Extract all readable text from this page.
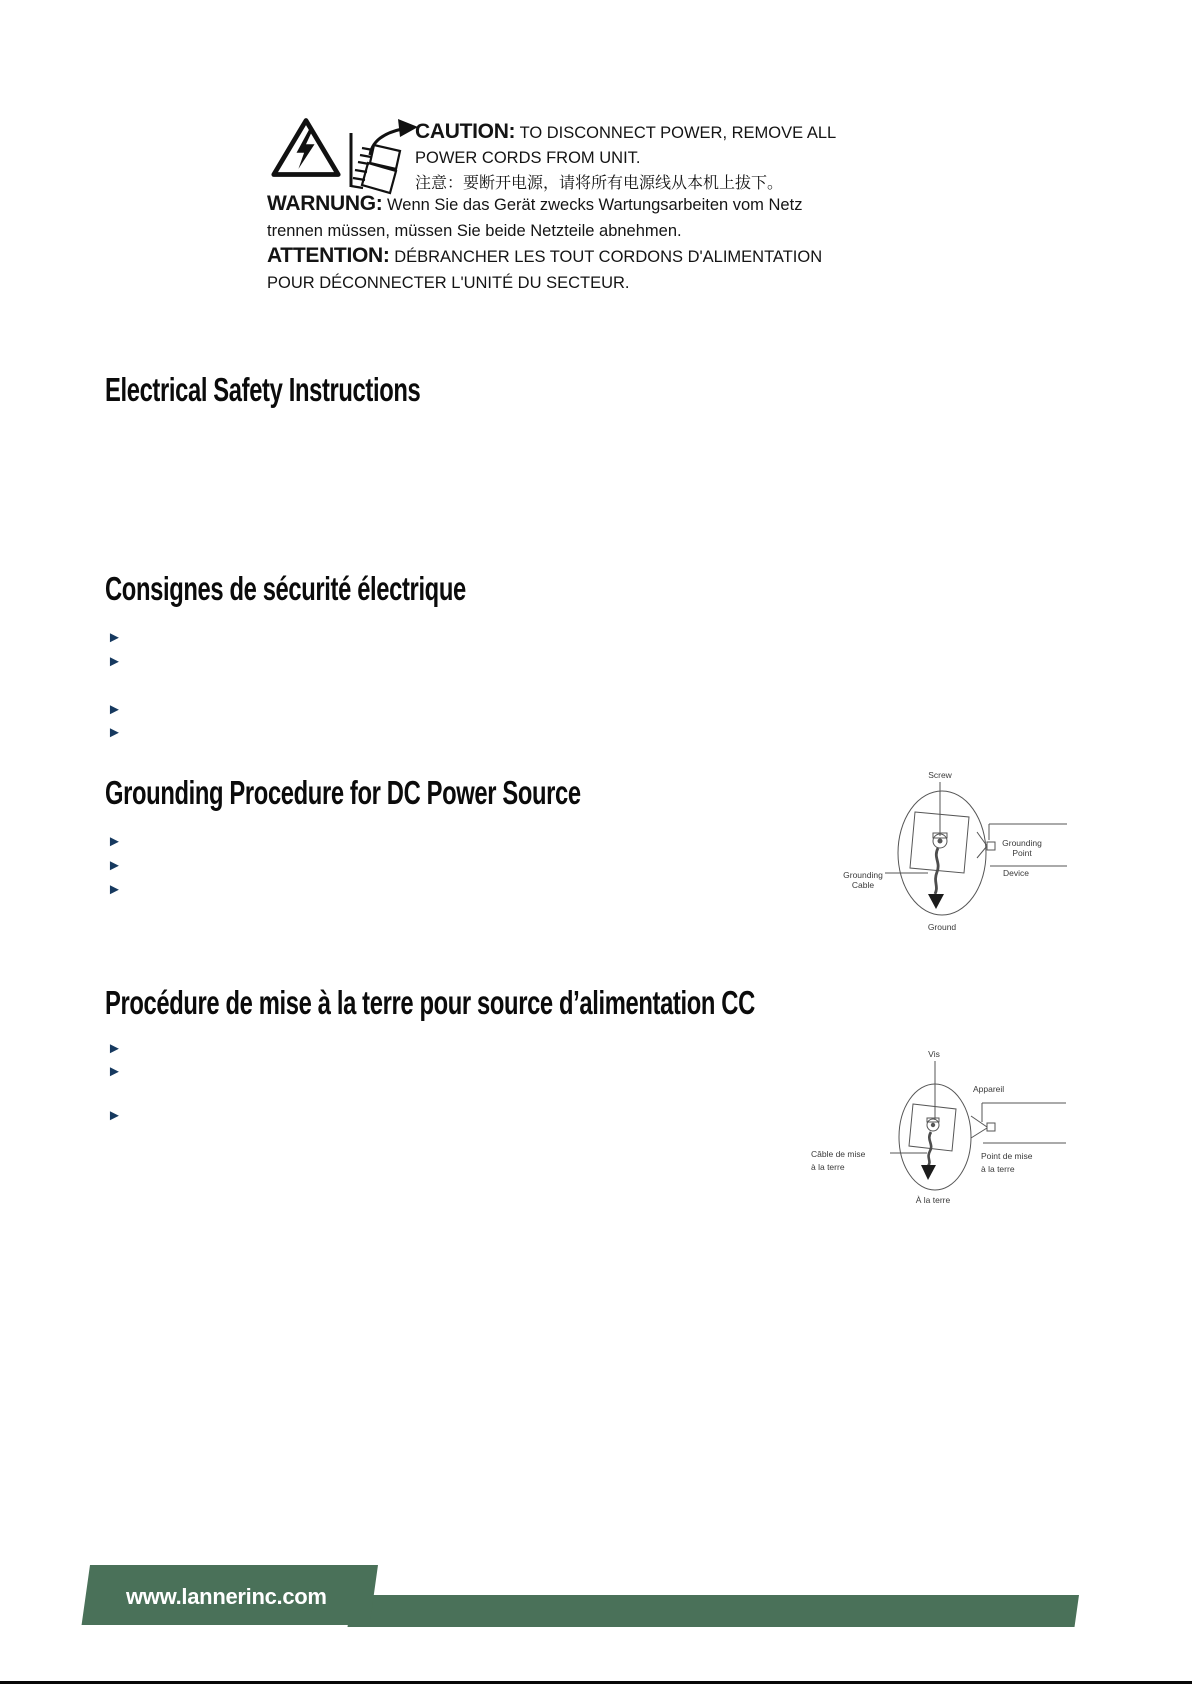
CAUTION: TO DISCONNECT POWER, REMOVE ALL
POWER CORDS FROM UNIT.
注意：要断开电源，请将所有电源线从本机上拔下。
WARNUNG: Wenn Sie das Gerät zwecks Wartungsarbeiten vom Netz
trennen müssen, müssen Sie beide Netzteile abnehmen.
ATTENTION: DÉBRANCHER LES TOUT CORDONS D'ALIMENTATION
POUR DÉCONNECTER L'UNITÉ DU SECTEUR.
Electrical Safety Instructions
Consignes de sécurité électrique
Grounding Procedure for DC Power Source
Procédure de mise à la terre pour source d’alimentation CC
►
►
►
►
►
►
►
►
►
►
Screw
Ground
Grounding
Point
Device
Grounding
Cable
Vis
À la terre
Appareil
Point de mise
à la terre
Câble de mise
à la terre
www.lannerinc.com
